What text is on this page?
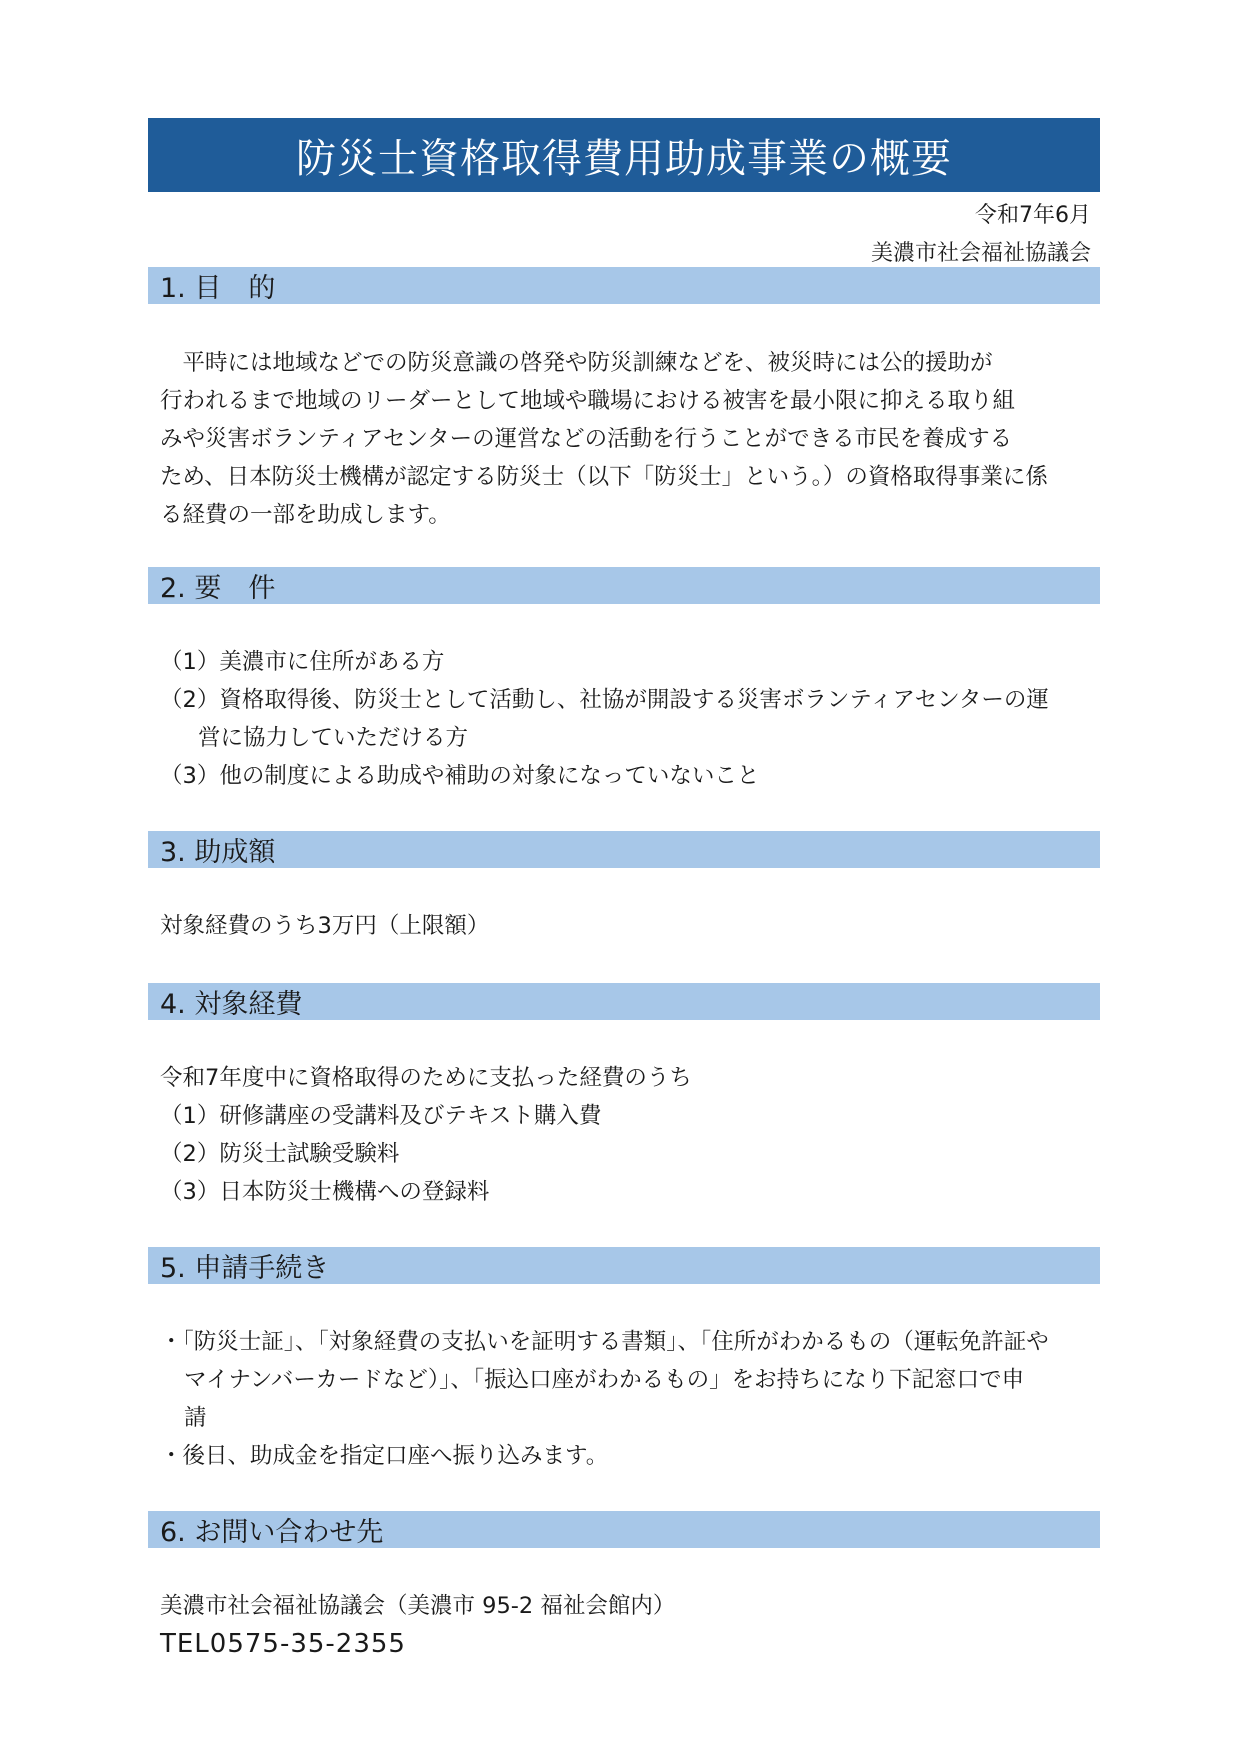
防災士資格取得費用助成事業の概要
令和7年6月
美濃市社会福祉協議会
1. 目　的

　平時には地域などでの防災意識の啓発や防災訓練などを、被災時には公的援助が

行われるまで地域のリーダーとして地域や職場における被害を最小限に抑える取り組

みや災害ボランティアセンターの運営などの活動を行うことができる市民を養成する

ため、日本防災士機構が認定する防災士（以下「防災士」という。）の資格取得事業に係

る経費の一部を助成します。

2. 要　件

（1）美濃市に住所がある方

（2）資格取得後、防災士として活動し、社協が開設する災害ボランティアセンターの運

営に協力していただける方

（3）他の制度による助成や補助の対象になっていないこと

3. 助成額

対象経費のうち3万円（上限額）

4. 対象経費

令和7年度中に資格取得のために支払った経費のうち

（1）研修講座の受講料及びテキスト購入費

（2）防災士試験受験料

（3）日本防災士機構への登録料

5. 申請手続き

・「防災士証」、「対象経費の支払いを証明する書類」、「住所がわかるもの（運転免許証や

マイナンバーカードなど）」、「振込口座がわかるもの」をお持ちになり下記窓口で申

請

・後日、助成金を指定口座へ振り込みます。

6. お問い合わせ先

美濃市社会福祉協議会（美濃市 95-2 福祉会館内）

TEL0575-35-2355
